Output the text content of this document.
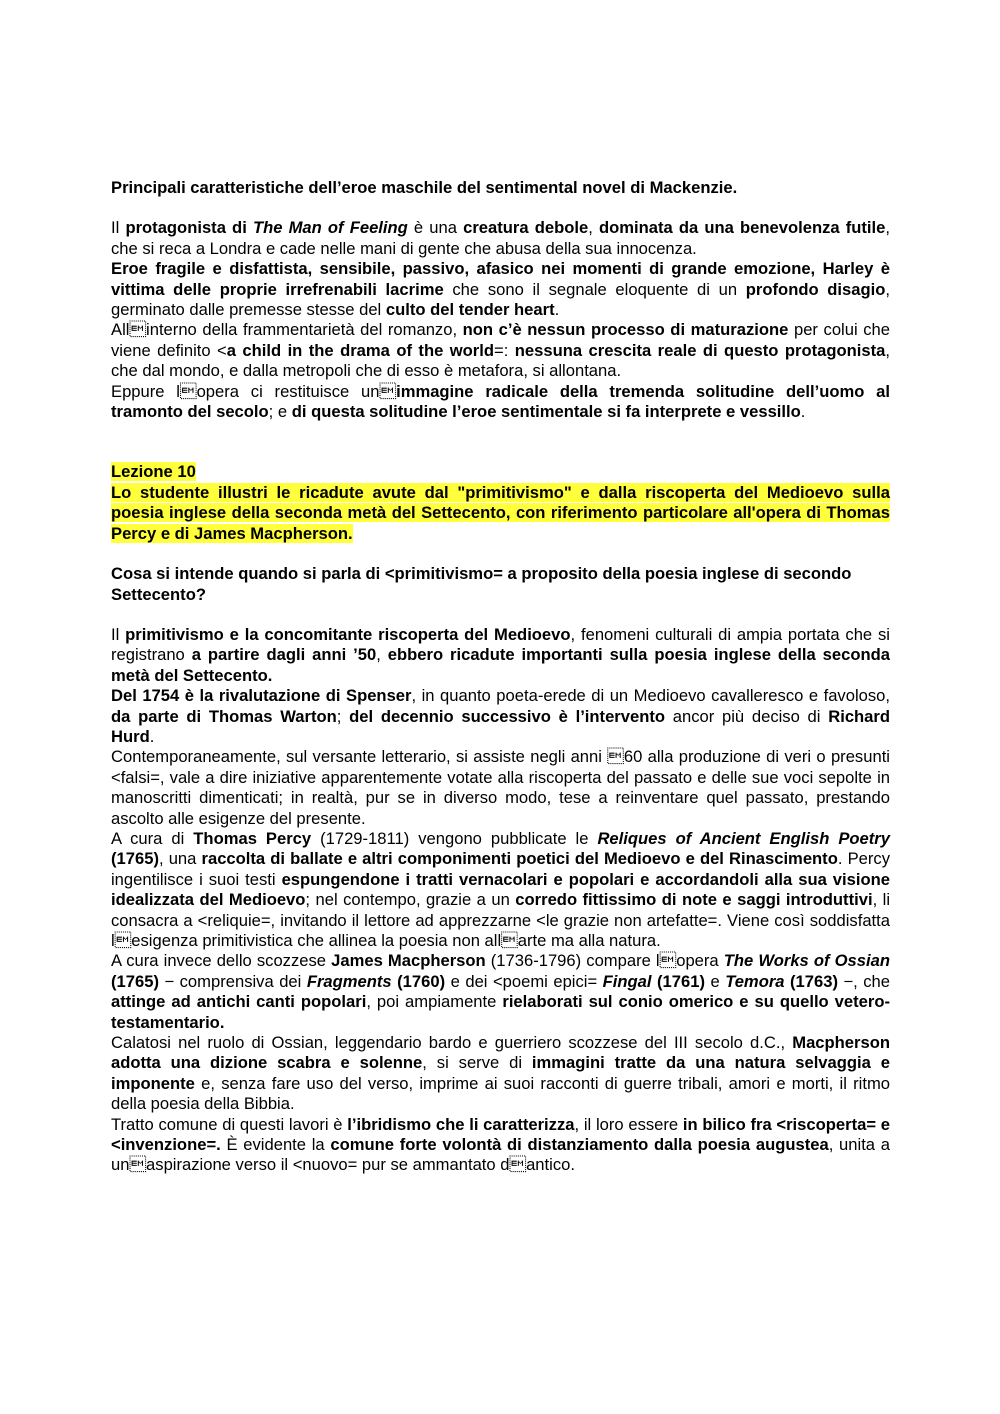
Principali caratteristiche dell’eroe maschile del sentimental novel di Mackenzie.

Il protagonista di The Man of Feeling è una creatura debole, dominata da una benevolenza futile, che si reca a Londra e cade nelle mani di gente che abusa della sua innocenza.

Eroe fragile e disfattista, sensibile, passivo, afasico nei momenti di grande emozione, Harley è vittima delle proprie irrefrenabili lacrime che sono il segnale eloquente di un profondo disagio, germinato dalle premesse stesse del culto del tender heart.

Allinterno della frammentarietà del romanzo, non c’è nessun processo di maturazione per colui che viene definito <a child in the drama of the world=: nessuna crescita reale di questo protagonista, che dal mondo, e dalla metropoli che di esso è metafora, si allontana.

Eppure lopera ci restituisce unimmagine radicale della tremenda solitudine dell’uomo al tramonto del secolo; e di questa solitudine l’eroe sentimentale si fa interprete e vessillo.

Lezione 10

Lo studente illustri le ricadute avute dal "primitivismo" e dalla riscoperta del Medioevo sulla poesia inglese della seconda metà del Settecento, con riferimento particolare all'opera di Thomas Percy e di James Macpherson.

Cosa si intende quando si parla di <primitivismo= a proposito della poesia inglese di secondo Settecento?

Il primitivismo e la concomitante riscoperta del Medioevo, fenomeni culturali di ampia portata che si registrano a partire dagli anni ’50, ebbero ricadute importanti sulla poesia inglese della seconda metà del Settecento.

Del 1754 è la rivalutazione di Spenser, in quanto poeta-erede di un Medioevo cavalleresco e favoloso, da parte di Thomas Warton; del decennio successivo è l’intervento ancor più deciso di Richard Hurd.

Contemporaneamente, sul versante letterario, si assiste negli anni 60 alla produzione di veri o presunti <falsi=, vale a dire iniziative apparentemente votate alla riscoperta del passato e delle sue voci sepolte in manoscritti dimenticati; in realtà, pur se in diverso modo, tese a reinventare quel passato, prestando ascolto alle esigenze del presente.

A cura di Thomas Percy (1729-1811) vengono pubblicate le Reliques of Ancient English Poetry (1765), una raccolta di ballate e altri componimenti poetici del Medioevo e del Rinascimento. Percy ingentilisce i suoi testi espungendone i tratti vernacolari e popolari e accordandoli alla sua visione idealizzata del Medioevo; nel contempo, grazie a un corredo fittissimo di note e saggi introduttivi, li consacra a <reliquie=, invitando il lettore ad apprezzarne <le grazie non artefatte=. Viene così soddisfatta lesigenza primitivistica che allinea la poesia non allarte ma alla natura.

A cura invece dello scozzese James Macpherson (1736-1796) compare lopera The Works of Ossian (1765) − comprensiva dei Fragments (1760) e dei <poemi epici= Fingal (1761) e Temora (1763) −, che attinge ad antichi canti popolari, poi ampiamente rielaborati sul conio omerico e su quello vetero-testamentario.

Calatosi nel ruolo di Ossian, leggendario bardo e guerriero scozzese del III secolo d.C., Macpherson adotta una dizione scabra e solenne, si serve di immagini tratte da una natura selvaggia e imponente e, senza fare uso del verso, imprime ai suoi racconti di guerre tribali, amori e morti, il ritmo della poesia della Bibbia.

Tratto comune di questi lavori è l’ibridismo che li caratterizza, il loro essere in bilico fra <riscoperta= e <invenzione=. È evidente la comune forte volontà di distanziamento dalla poesia augustea, unita a unaspirazione verso il <nuovo= pur se ammantato dantico.
